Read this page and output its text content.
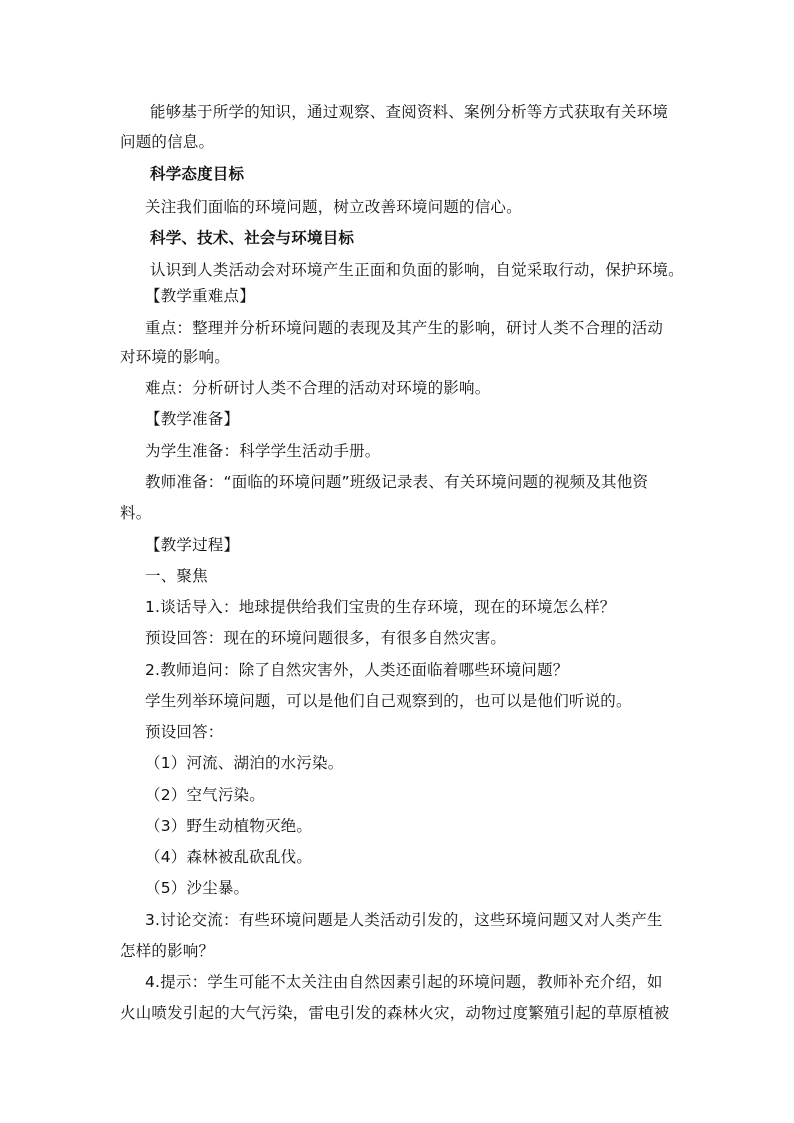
能够基于所学的知识，通过观察、查阅资料、案例分析等方式获取有关环境
问题的信息。
科学态度目标
关注我们面临的环境问题，树立改善环境问题的信心。
科学、技术、社会与环境目标
认识到人类活动会对环境产生正面和负面的影响，自觉采取行动，保护环境。
【教学重难点】
重点：整理并分析环境问题的表现及其产生的影响，研讨人类不合理的活动
对环境的影响。
难点：分析研讨人类不合理的活动对环境的影响。
【教学准备】
为学生准备：科学学生活动手册。
教师准备：“面临的环境问题”班级记录表、有关环境问题的视频及其他资
料。
【教学过程】
一、聚焦
1.谈话导入：地球提供给我们宝贵的生存环境，现在的环境怎么样？
预设回答：现在的环境问题很多，有很多自然灾害。
2.教师追问：除了自然灾害外，人类还面临着哪些环境问题？
学生列举环境问题，可以是他们自己观察到的，也可以是他们听说的。
预设回答：
（1）河流、湖泊的水污染。
（2）空气污染。
（3）野生动植物灭绝。
（4）森林被乱砍乱伐。
（5）沙尘暴。
3.讨论交流：有些环境问题是人类活动引发的，这些环境问题又对人类产生
怎样的影响？
4.提示：学生可能不太关注由自然因素引起的环境问题，教师补充介绍，如
火山喷发引起的大气污染，雷电引发的森林火灾，动物过度繁殖引起的草原植被
